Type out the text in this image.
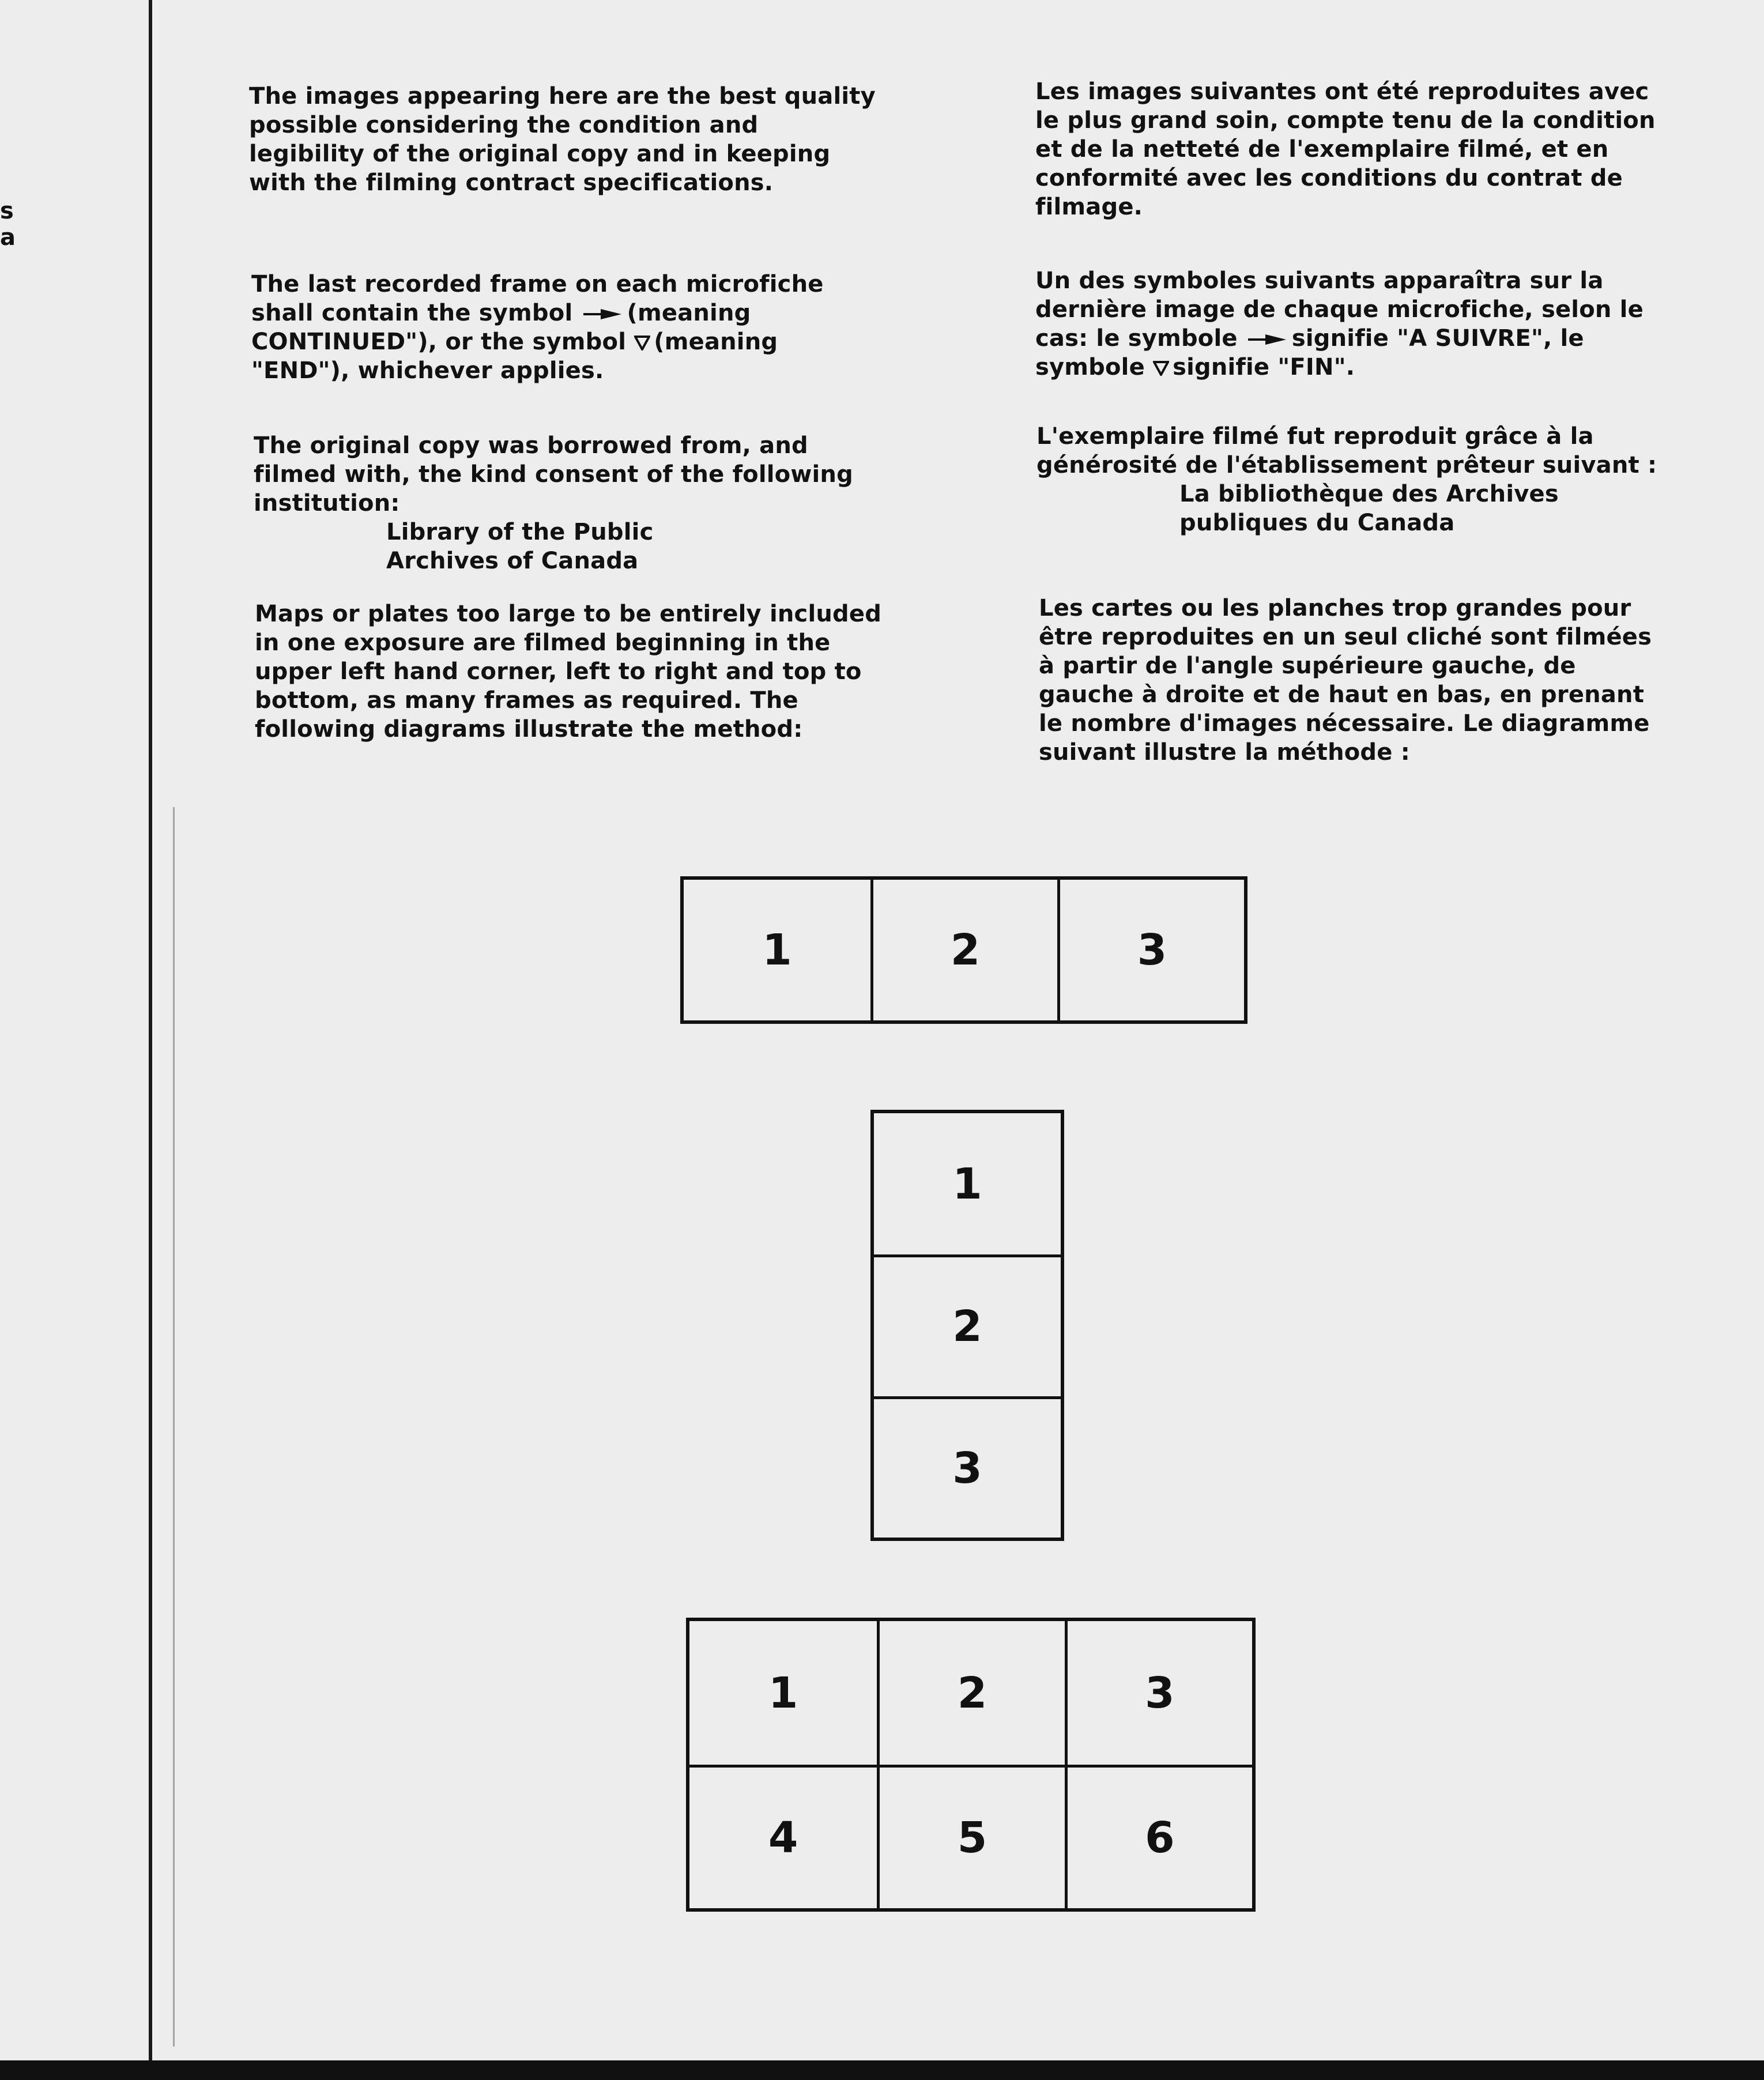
s
a

The images appearing here are the best quality possible considering the condition and legibility of the original copy and in keeping with the filming contract specifications.

The last recorded frame on each microfiche shall contain the symbol (meaning CONTINUED"), or the symbol (meaning "END"), whichever applies.

The original copy was borrowed from, and filmed with, the kind consent of the following institution:

Library of the Public

Archives of Canada

Maps or plates too large to be entirely included in one exposure are filmed beginning in the upper left hand corner, left to right and top to bottom, as many frames as required. The following diagrams illustrate the method:

Les images suivantes ont été reproduites avec le plus grand soin, compte tenu de la condition et de la netteté de l'exemplaire filmé, et en conformité avec les conditions du contrat de filmage.

Un des symboles suivants apparaîtra sur la dernière image de chaque microfiche, selon le cas: le symbole signifie "A SUIVRE", le symbole signifie "FIN".

L'exemplaire filmé fut reproduit grâce à la générosité de l'établissement prêteur suivant :

La bibliothèque des Archives

publiques du Canada

Les cartes ou les planches trop grandes pour être reproduites en un seul cliché sont filmées à partir de l'angle supérieure gauche, de gauche à droite et de haut en bas, en prenant le nombre d'images nécessaire. Le diagramme suivant illustre la méthode :

1	2	3
1
2
3
1	2	3
4	5	6
